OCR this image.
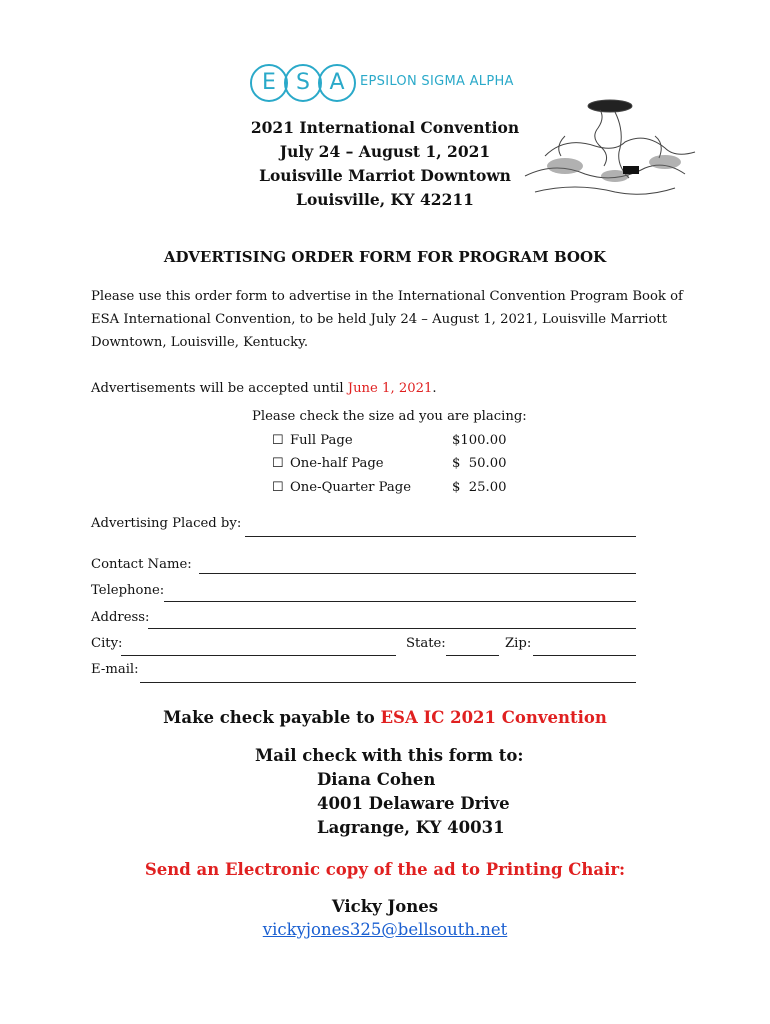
E S A	EPSILON SIGMA ALPHA
2021 International Convention
July 24 – August 1, 2021
Louisville Marriot Downtown
Louisville, KY 42211
ADVERTISING ORDER FORM FOR PROGRAM BOOK
Please use this order form to advertise in the International Convention Program Book of
ESA International Convention, to be held July 24 – August 1, 2021, Louisville Marriott
Downtown, Louisville, Kentucky.
Advertisements will be accepted until June 1, 2021.
Please check the size ad you are placing:
☐ Full Page	$100.00
☐ One-half Page	$  50.00
☐ One-Quarter Page	$  25.00
Advertising Placed by:
Contact Name:
Telephone:
Address:
City:	State:	Zip:
E-mail:
Make check payable to ESA IC 2021 Convention
Mail check with this form to:
Diana Cohen
4001 Delaware Drive
Lagrange, KY 40031
Send an Electronic copy of the ad to Printing Chair:
Vicky Jones
vickyjones325@bellsouth.net
